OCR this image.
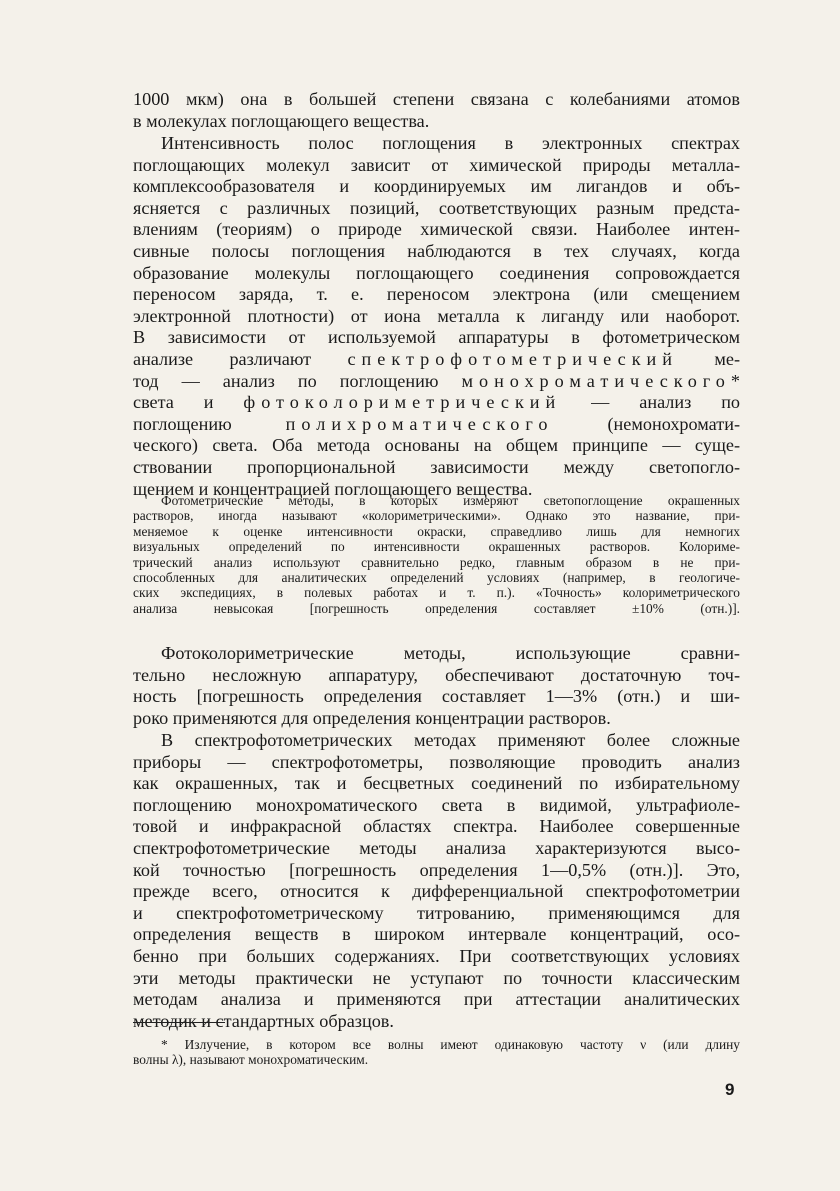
1000 мкм) она в большей степени связана с колебаниями атомов
в молекулах поглощающего вещества.
Интенсивность полос поглощения в электронных спектрах
поглощающих молекул зависит от химической природы металла-
комплексообразователя и координируемых им лигандов и объ-
ясняется с различных позиций, соответствующих разным предста-
влениям (теориям) о природе химической связи. Наиболее интен-
сивные полосы поглощения наблюдаются в тех случаях, когда
образование молекулы поглощающего соединения сопровождается
переносом заряда, т. е. переносом электрона (или смещением
электронной плотности) от иона металла к лиганду или наоборот.
В зависимости от используемой аппаратуры в фотометрическом
анализе различают спектрофотометрический ме-
тод — анализ по поглощению монохроматического*
света и фотоколориметрический — анализ по
поглощению	полихроматического	(немонохромати-
ческого) света. Оба метода основаны на общем принципе — суще-
ствовании пропорциональной зависимости между светопогло-
щением и концентрацией поглощающего вещества.
Фотометрические методы, в которых измеряют светопоглощение окрашенных
растворов, иногда называют «колориметрическими». Однако это название, при-
меняемое к оценке интенсивности окраски, справедливо лишь для немногих
визуальных определений по интенсивности окрашенных растворов. Колориме-
трический анализ используют сравнительно редко, главным образом в не при-
способленных для аналитических определений условиях (например, в геологиче-
ских экспедициях, в полевых работах и т. п.). «Точность» колориметрического
анализа невысокая [погрешность определения составляет ±10% (отн.)].
Фотоколориметрические методы, использующие сравни-
тельно несложную аппаратуру, обеспечивают достаточную точ-
ность [погрешность определения составляет 1—3% (отн.) и ши-
роко применяются для определения концентрации растворов.
В спектрофотометрических методах применяют более сложные
приборы — спектрофотометры, позволяющие проводить анализ
как окрашенных, так и бесцветных соединений по избирательному
поглощению монохроматического света в видимой, ультрафиоле-
товой и инфракрасной областях спектра. Наиболее совершенные
спектрофотометрические методы анализа характеризуются высо-
кой точностью [погрешность определения 1—0,5% (отн.)]. Это,
прежде всего, относится к дифференциальной спектрофотометрии
и спектрофотометрическому титрованию, применяющимся для
определения веществ в широком интервале концентраций, осо-
бенно при больших содержаниях. При соответствующих условиях
эти методы практически не уступают по точности классическим
методам анализа и применяются при аттестации аналитических
методик и стандартных образцов.
* Излучение, в котором все волны имеют одинаковую частоту ν (или длину
волны λ), называют монохроматическим.
9
